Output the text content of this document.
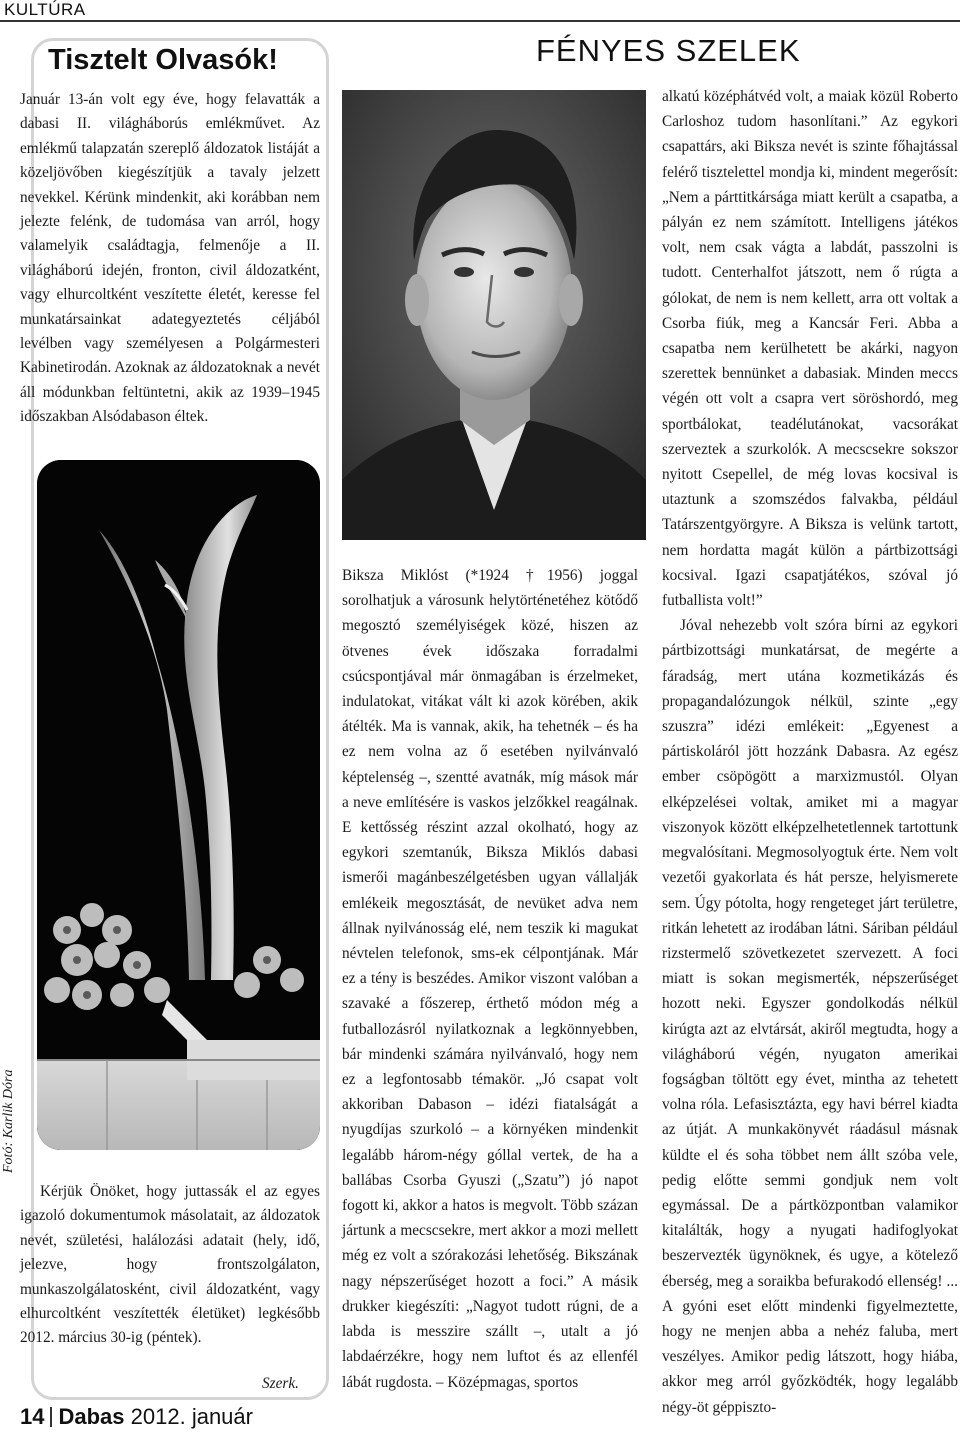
KULTÚRA
Tisztelt Olvasók!
Január 13-án volt egy éve, hogy felavatták a dabasi II. világháborús emlékművet. Az emlékmű talapzatán szereplő áldozatok listáját a közeljövőben kiegészítjük a tavaly jelzett nevekkel. Kérünk mindenkit, aki korábban nem jelezte felénk, de tudomása van arról, hogy valamelyik családtagja, felmenője a II. világháború idején, fronton, civil áldozatként, vagy elhurcoltként veszítette életét, keresse fel munkatársainkat adategyeztetés céljából levélben vagy személyesen a Polgármesteri Kabinetirodán. Azoknak az áldozatoknak a nevét áll módunkban feltüntetni, akik az 1939–1945 időszakban Alsódabason éltek.
Fotó: Karlik Dóra
Kérjük Önöket, hogy juttassák el az egyes igazoló dokumentumok másolatait, az áldozatok nevét, születési, halálozási adatait (hely, idő, jelezve, hogy frontszolgálaton, munkaszolgálatosként, civil áldozatként, vagy elhurcoltként veszítették életüket) legkésőbb 2012. március 30-ig (péntek).
Szerk.
FÉNYES SZELEK

Biksza Miklóst (*1924 †1956) joggal sorolhatjuk a városunk helytörténetéhez kötődő megosztó személyiségek közé, hiszen az ötvenes évek időszaka forradalmi csúcspontjával már önmagában is érzelmeket, indulatokat, vitákat vált ki azok körében, akik átélték. Ma is vannak, akik, ha tehetnék – és ha ez nem volna az ő esetében nyilvánvaló képtelenség –, szentté avatnák, míg mások már a neve említésére is vaskos jelzőkkel reagálnak. E kettősség részint azzal okolható, hogy az egykori szemtanúk, Biksza Miklós dabasi ismerői magánbeszélgetésben ugyan vállalják emlékeik megosztását, de nevüket adva nem állnak nyilvánosság elé, nem teszik ki magukat névtelen telefonok, sms-ek célpontjának. Már ez a tény is beszédes. Amikor viszont valóban a szavaké a főszerep, érthető módon még a futballozásról nyilatkoznak a legkönnyebben, bár mindenki számára nyilvánvaló, hogy nem ez a legfontosabb témakör. „Jó csapat volt akkoriban Dabason – idézi fiatalságát a nyugdíjas szurkoló – a környéken mindenkit legalább három-négy góllal vertek, de ha a ballábas Csorba Gyuszi („Szatu”) jó napot fogott ki, akkor a hatos is megvolt. Több százan jártunk a mecscsekre, mert akkor a mozi mellett még ez volt a szórakozási lehetőség. Bikszának nagy népszerűséget hozott a foci.” A másik drukker kiegészíti: „Nagyot tudott rúgni, de a labda is messzire szállt –, utalt a jó labdaérzékre, hogy nem luftot és az ellenfél lábát rugdosta. – Középmagas, sportos

alkatú középhátvéd volt, a maiak közül Roberto Carloshoz tudom hasonlítani.” Az egykori csapattárs, aki Biksza nevét is szinte főhajtással felérő tisztelettel mondja ki, mindent megerősít: „Nem a párttitkársága miatt került a csapatba, a pályán ez nem számított. Intelligens játékos volt, nem csak vágta a labdát, passzolni is tudott. Centerhalfot játszott, nem ő rúgta a gólokat, de nem is nem kellett, arra ott voltak a Csorba fiúk, meg a Kancsár Feri. Abba a csapatba nem kerülhetett be akárki, nagyon szerettek bennünket a dabasiak. Minden meccs végén ott volt a csapra vert söröshordó, meg sportbálokat, teadélutánokat, vacsorákat szerveztek a szurkolók. A mecscsekre sokszor nyitott Csepellel, de még lovas kocsival is utaztunk a szomszédos falvakba, például Tatárszentgyörgyre. A Biksza is velünk tartott, nem hordatta magát külön a pártbizottsági kocsival. Igazi csapatjátékos, szóval jó futballista volt!”

Jóval nehezebb volt szóra bírni az egykori pártbizottsági munkatársat, de megérte a fáradság, mert utána kozmetikázás és propagandalózungok nélkül, szinte „egy szuszra” idézi emlékeit: „Egyenest a pártiskoláról jött hozzánk Dabasra. Az egész ember csöpögött a marxizmustól. Olyan elképzelései voltak, amiket mi a magyar viszonyok között elképzelhetetlennek tartottunk megvalósítani. Megmosolyogtuk érte. Nem volt vezetői gyakorlata és hát persze, helyismerete sem. Úgy pótolta, hogy rengeteget járt területre, ritkán lehetett az irodában látni. Sáriban például rizstermelő szövetkezetet szervezett. A foci miatt is sokan megismerték, népszerűséget hozott neki. Egyszer gondolkodás nélkül kirúgta azt az elvtársát, akiről megtudta, hogy a világháború végén, nyugaton amerikai fogságban töltött egy évet, mintha az tehetett volna róla. Lefasisztázta, egy havi bérrel kiadta az útját. A munkakönyvét ráadásul másnak küldte el és soha többet nem állt szóba vele, pedig előtte semmi gondjuk nem volt egymással. De a pártközpontban valamikor kitalálták, hogy a nyugati hadifoglyokat beszervezték ügynöknek, és ugye, a kötelező éberség, meg a soraikba befurakodó ellenség! ... A gyóni eset előtt mindenki figyelmeztette, hogy ne menjen abba a nehéz faluba, mert veszélyes. Amikor pedig látszott, hogy hiába, akkor meg arról győzködték, hogy legalább négy-öt géppiszto-

14 Dabas 2012. január
